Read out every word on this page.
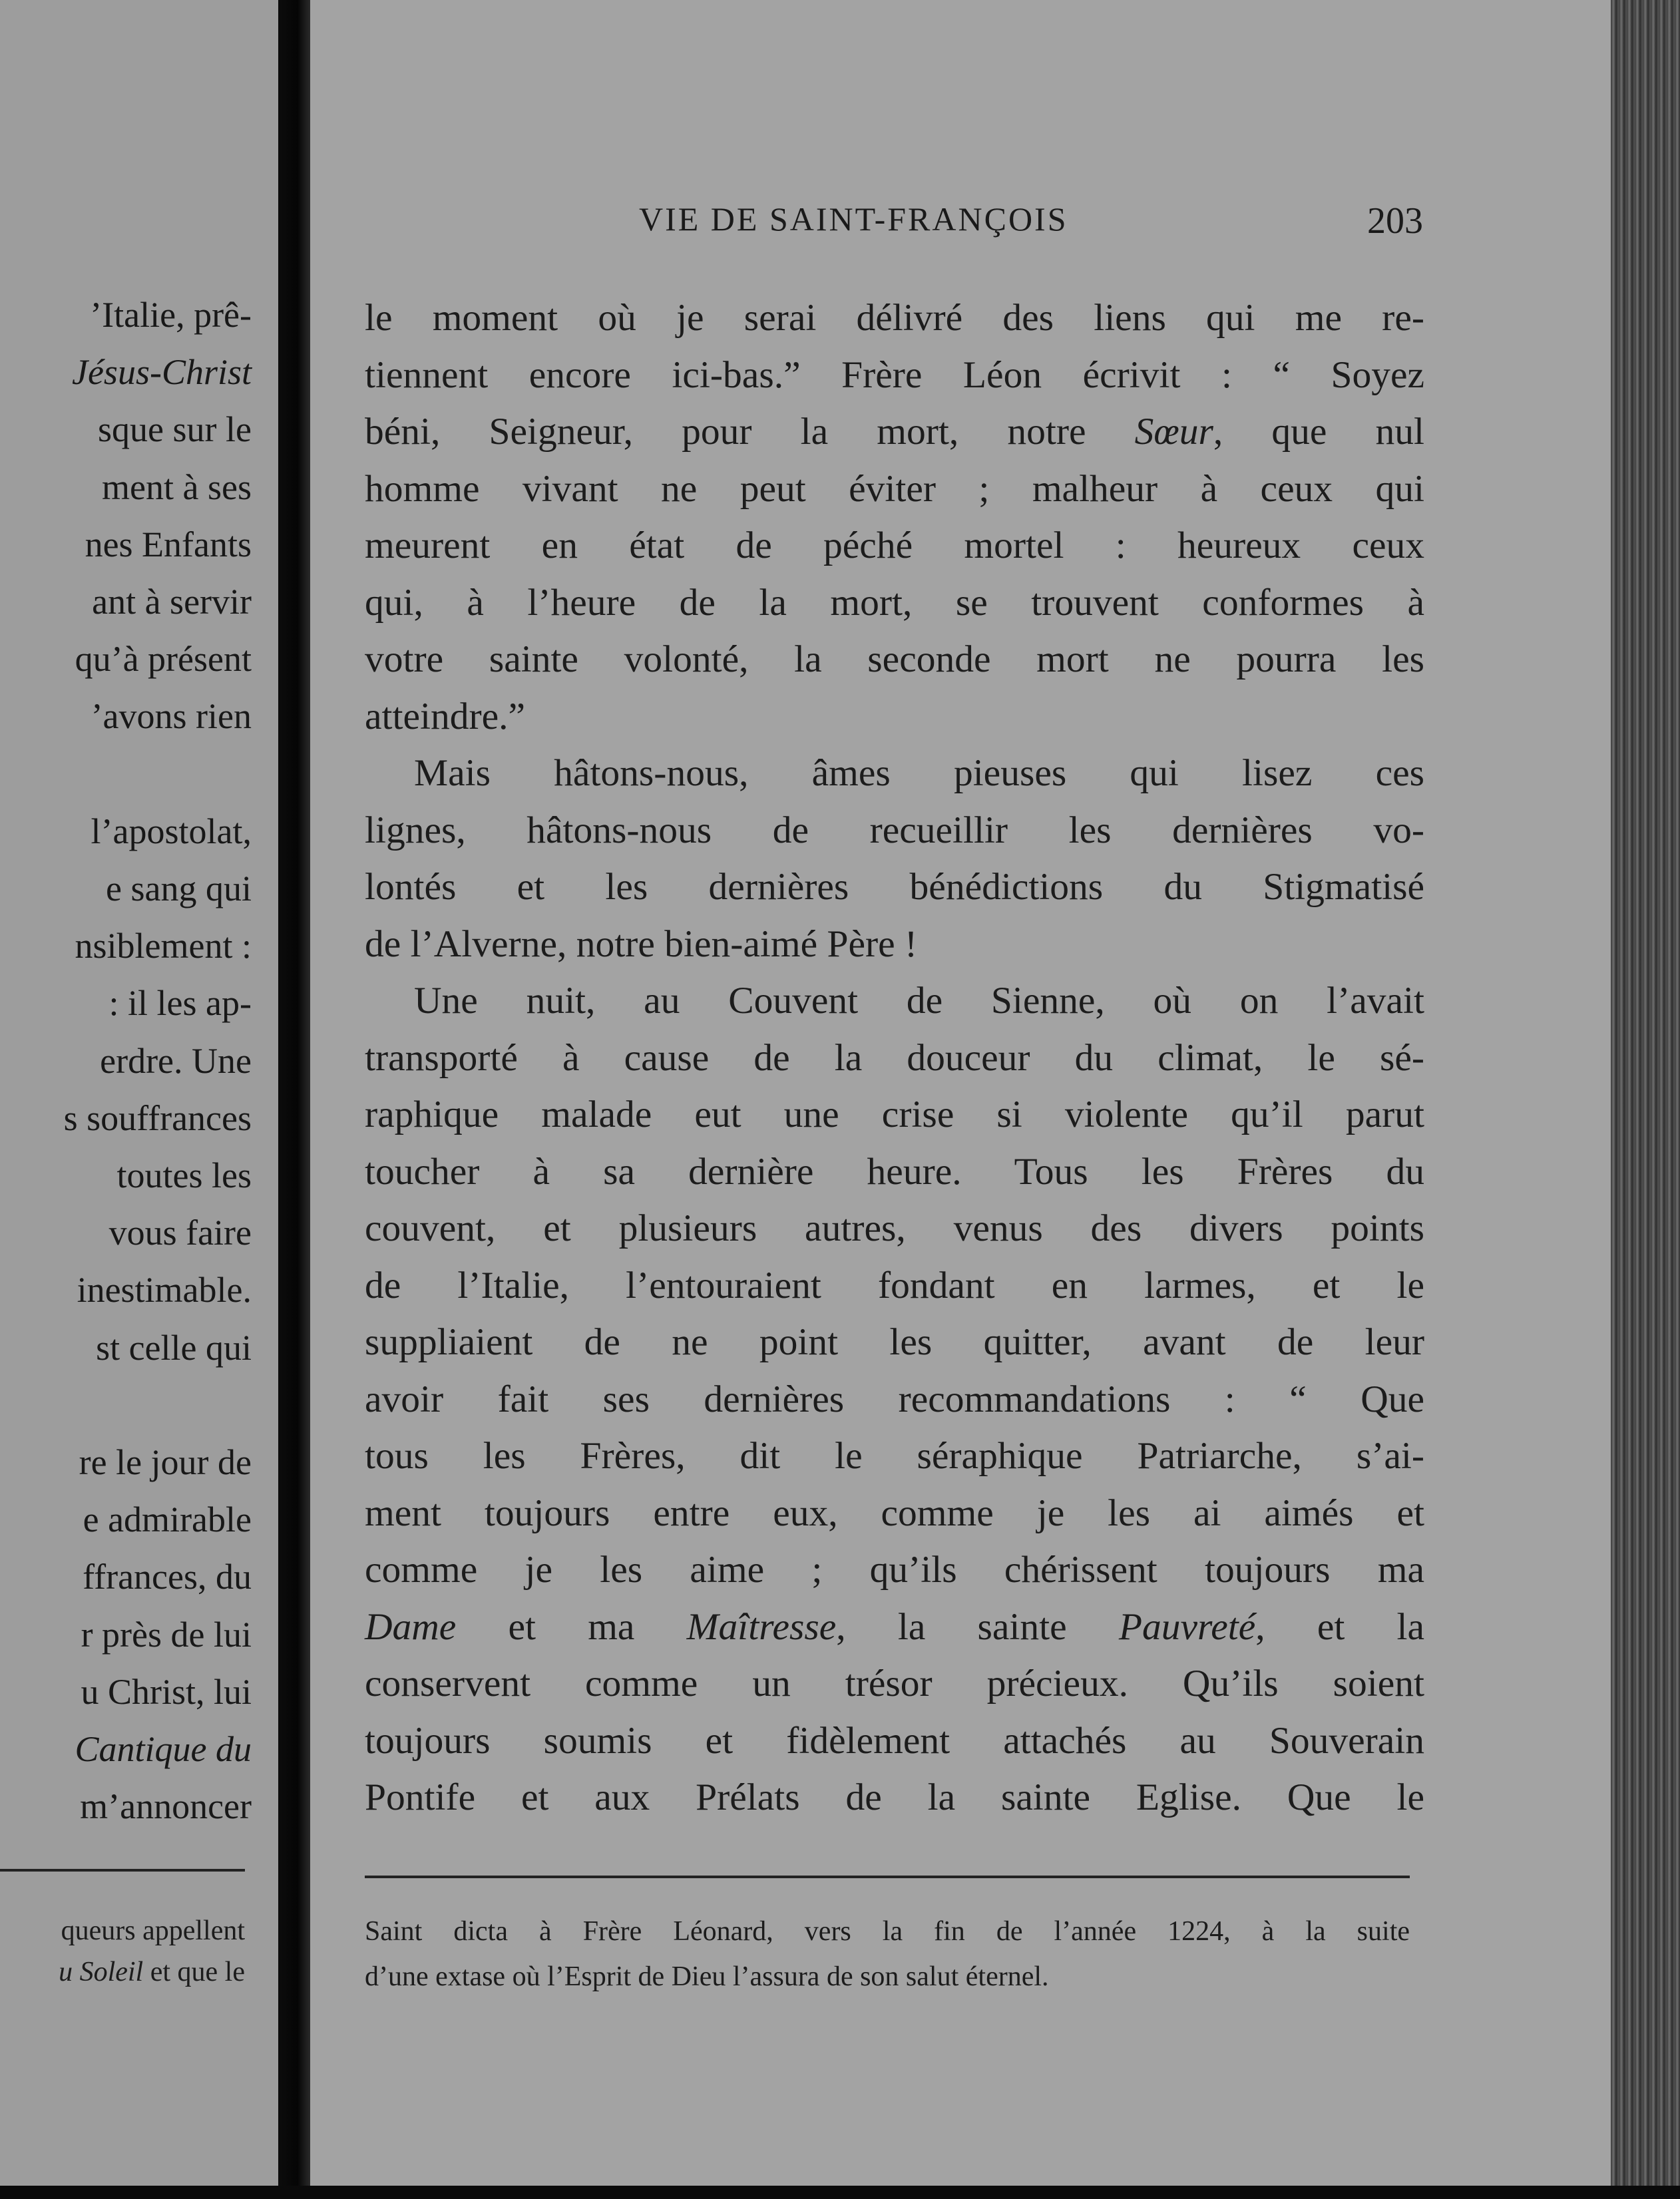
’Italie, prê-
Jésus-Christ
sque sur le
ment à ses
nes Enfants
ant à servir
qu’à présent
’avons rien
l’apostolat,
e sang qui
nsiblement :
: il les ap-
erdre. Une
s souffrances
toutes les
vous faire
inestimable.
st celle qui
re le jour de
e admirable
ffrances, du
r près de lui
u Christ, lui
Cantique du
m’annoncer
queurs appellent
u Soleil et que le
VIE DE SAINT-FRANÇOIS	203
le moment où je serai délivré des liens qui me re-
tiennent encore ici-bas.” Frère Léon écrivit : “ Soyez
béni, Seigneur, pour la mort, notre Sœur, que nul
homme vivant ne peut éviter ; malheur à ceux qui
meurent en état de péché mortel : heureux ceux
qui, à l’heure de la mort, se trouvent conformes à
votre sainte volonté, la seconde mort ne pourra les
atteindre.”
Mais hâtons-nous, âmes pieuses qui lisez ces
lignes, hâtons-nous de recueillir les dernières vo-
lontés et les dernières bénédictions du Stigmatisé
de l’Alverne, notre bien-aimé Père !
Une nuit, au Couvent de Sienne, où on l’avait
transporté à cause de la douceur du climat, le sé-
raphique malade eut une crise si violente qu’il parut
toucher à sa dernière heure. Tous les Frères du
couvent, et plusieurs autres, venus des divers points
de l’Italie, l’entouraient fondant en larmes, et le
suppliaient de ne point les quitter, avant de leur
avoir fait ses dernières recommandations : “ Que
tous les Frères, dit le séraphique Patriarche, s’ai-
ment toujours entre eux, comme je les ai aimés et
comme je les aime ; qu’ils chérissent toujours ma
Dame et ma Maîtresse, la sainte Pauvreté, et la
conservent comme un trésor précieux. Qu’ils soient
toujours soumis et fidèlement attachés au Souverain
Pontife et aux Prélats de la sainte Eglise. Que le
Saint dicta à Frère Léonard, vers la fin de l’année 1224, à la suite
d’une extase où l’Esprit de Dieu l’assura de son salut éternel.
